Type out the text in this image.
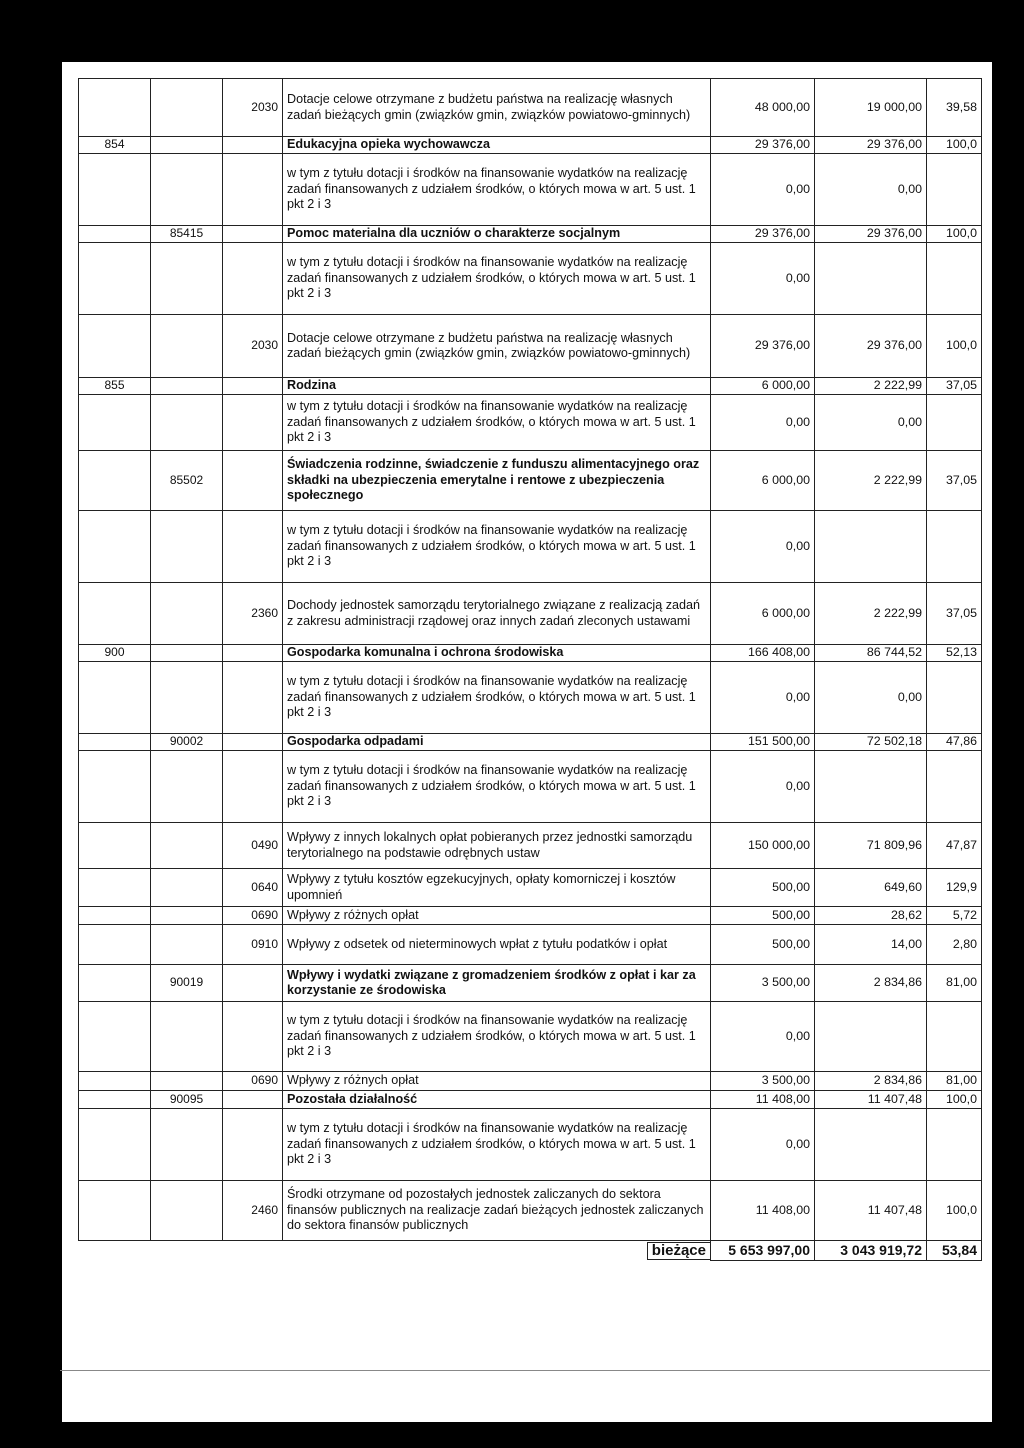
		2030	Dotacje celowe otrzymane z budżetu państwa na realizację własnych zadań bieżących gmin (związków gmin, związków powiatowo-gminnych)	48 000,00	19 000,00	39,58
854			Edukacyjna opieka wychowawcza	29 376,00	29 376,00	100,0
			w tym z tytułu dotacji i środków na finansowanie wydatków na realizację zadań finansowanych z udziałem środków, o których mowa w art. 5 ust. 1 pkt 2 i 3	0,00	0,00	
	85415		Pomoc materialna dla uczniów o charakterze socjalnym	29 376,00	29 376,00	100,0
			w tym z tytułu dotacji i środków na finansowanie wydatków na realizację zadań finansowanych z udziałem środków, o których mowa w art. 5 ust. 1 pkt 2 i 3	0,00		
		2030	Dotacje celowe otrzymane z budżetu państwa na realizację własnych zadań bieżących gmin (związków gmin, związków powiatowo-gminnych)	29 376,00	29 376,00	100,0
855			Rodzina	6 000,00	2 222,99	37,05
			w tym z tytułu dotacji i środków na finansowanie wydatków na realizację zadań finansowanych z udziałem środków, o których mowa w art. 5 ust. 1 pkt 2 i 3	0,00	0,00	
	85502		Świadczenia rodzinne, świadczenie z funduszu alimentacyjnego oraz składki na ubezpieczenia emerytalne i rentowe z ubezpieczenia społecznego	6 000,00	2 222,99	37,05
			w tym z tytułu dotacji i środków na finansowanie wydatków na realizację zadań finansowanych z udziałem środków, o których mowa w art. 5 ust. 1 pkt 2 i 3	0,00		
		2360	Dochody jednostek samorządu terytorialnego związane z realizacją zadań z zakresu administracji rządowej oraz innych zadań zleconych ustawami	6 000,00	2 222,99	37,05
900			Gospodarka komunalna i ochrona środowiska	166 408,00	86 744,52	52,13
			w tym z tytułu dotacji i środków na finansowanie wydatków na realizację zadań finansowanych z udziałem środków, o których mowa w art. 5 ust. 1 pkt 2 i 3	0,00	0,00	
	90002		Gospodarka odpadami	151 500,00	72 502,18	47,86
			w tym z tytułu dotacji i środków na finansowanie wydatków na realizację zadań finansowanych z udziałem środków, o których mowa w art. 5 ust. 1 pkt 2 i 3	0,00		
		0490	Wpływy z innych lokalnych opłat pobieranych przez jednostki samorządu terytorialnego na podstawie odrębnych ustaw	150 000,00	71 809,96	47,87
		0640	Wpływy z tytułu kosztów egzekucyjnych, opłaty komorniczej i kosztów upomnień	500,00	649,60	129,9
		0690	Wpływy z różnych opłat	500,00	28,62	5,72
		0910	Wpływy z odsetek od nieterminowych wpłat z tytułu podatków i opłat	500,00	14,00	2,80
	90019		Wpływy i wydatki związane z gromadzeniem środków z opłat i kar za korzystanie ze środowiska	3 500,00	2 834,86	81,00
			w tym z tytułu dotacji i środków na finansowanie wydatków na realizację zadań finansowanych z udziałem środków, o których mowa w art. 5 ust. 1 pkt 2 i 3	0,00		
		0690	Wpływy z różnych opłat	3 500,00	2 834,86	81,00
	90095		Pozostała działalność	11 408,00	11 407,48	100,0
			w tym z tytułu dotacji i środków na finansowanie wydatków na realizację zadań finansowanych z udziałem środków, o których mowa w art. 5 ust. 1 pkt 2 i 3	0,00		
		2460	Środki otrzymane od pozostałych jednostek zaliczanych do sektora finansów publicznych na realizacje zadań bieżących jednostek zaliczanych do sektora finansów publicznych	11 408,00	11 407,48	100,0
bieżące				5 653 997,00	3 043 919,72	53,84
